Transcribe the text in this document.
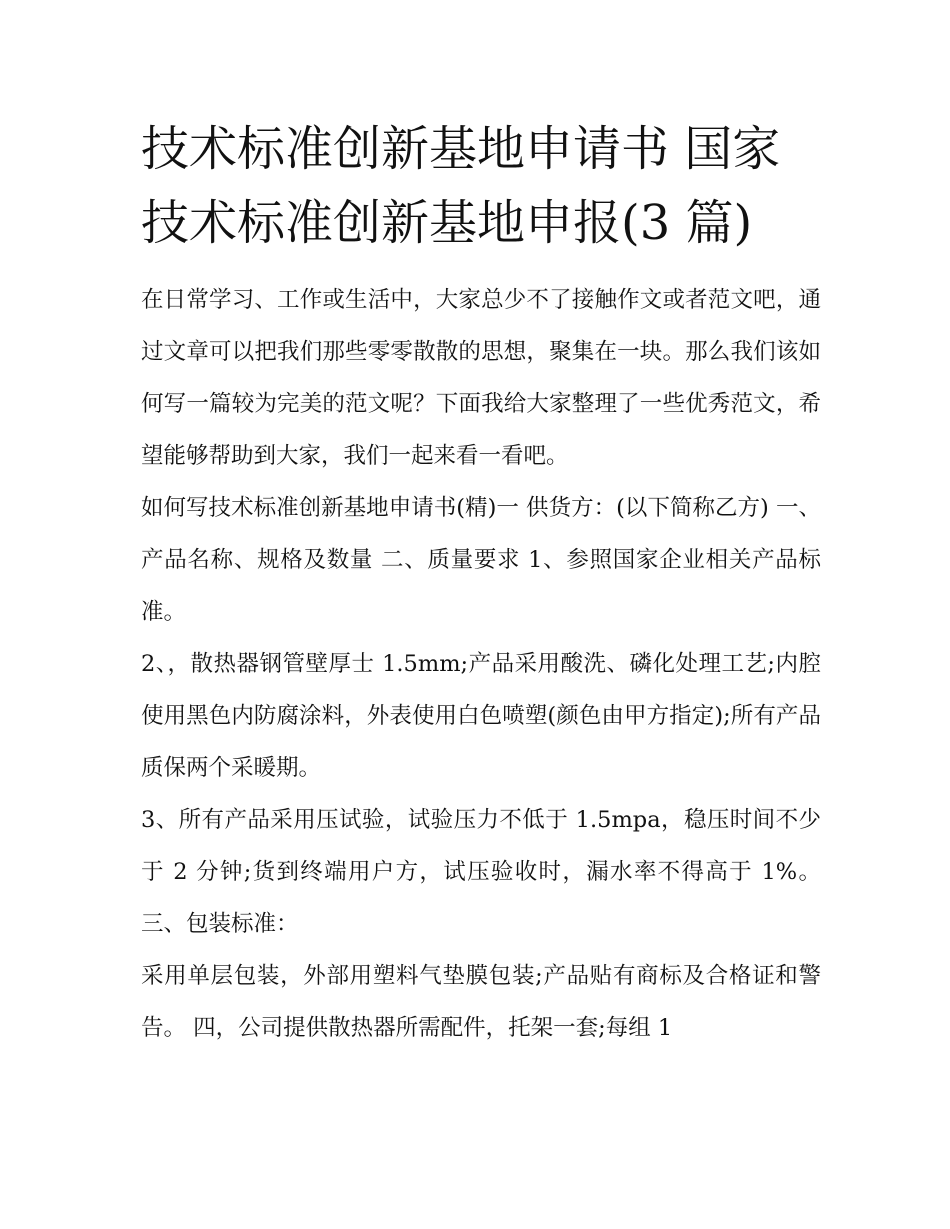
技术标准创新基地申请书 国家
技术标准创新基地申报(3 篇)

在日常学习、工作或生活中，大家总少不了接触作文或者范文吧，通过文章可以把我们那些零零散散的思想，聚集在一块。那么我们该如何写一篇较为完美的范文呢？下面我给大家整理了一些优秀范文，希望能够帮助到大家，我们一起来看一看吧。

如何写技术标准创新基地申请书(精)一 供货方：(以下简称乙方) 一、产品名称、规格及数量 二、质量要求 1、参照国家企业相关产品标准。

2、，散热器钢管壁厚士 1.5mm;产品采用酸洗、磷化处理工艺;内腔使用黑色内防腐涂料，外表使用白色喷塑(颜色由甲方指定);所有产品质保两个采暖期。

3、所有产品采用压试验，试验压力不低于 1.5mpa，稳压时间不少于 2 分钟;货到终端用户方，试压验收时，漏水率不得高于 1%。 三、包装标准：

采用单层包装，外部用塑料气垫膜包装;产品贴有商标及合格证和警告。 四，公司提供散热器所需配件，托架一套;每组 1
